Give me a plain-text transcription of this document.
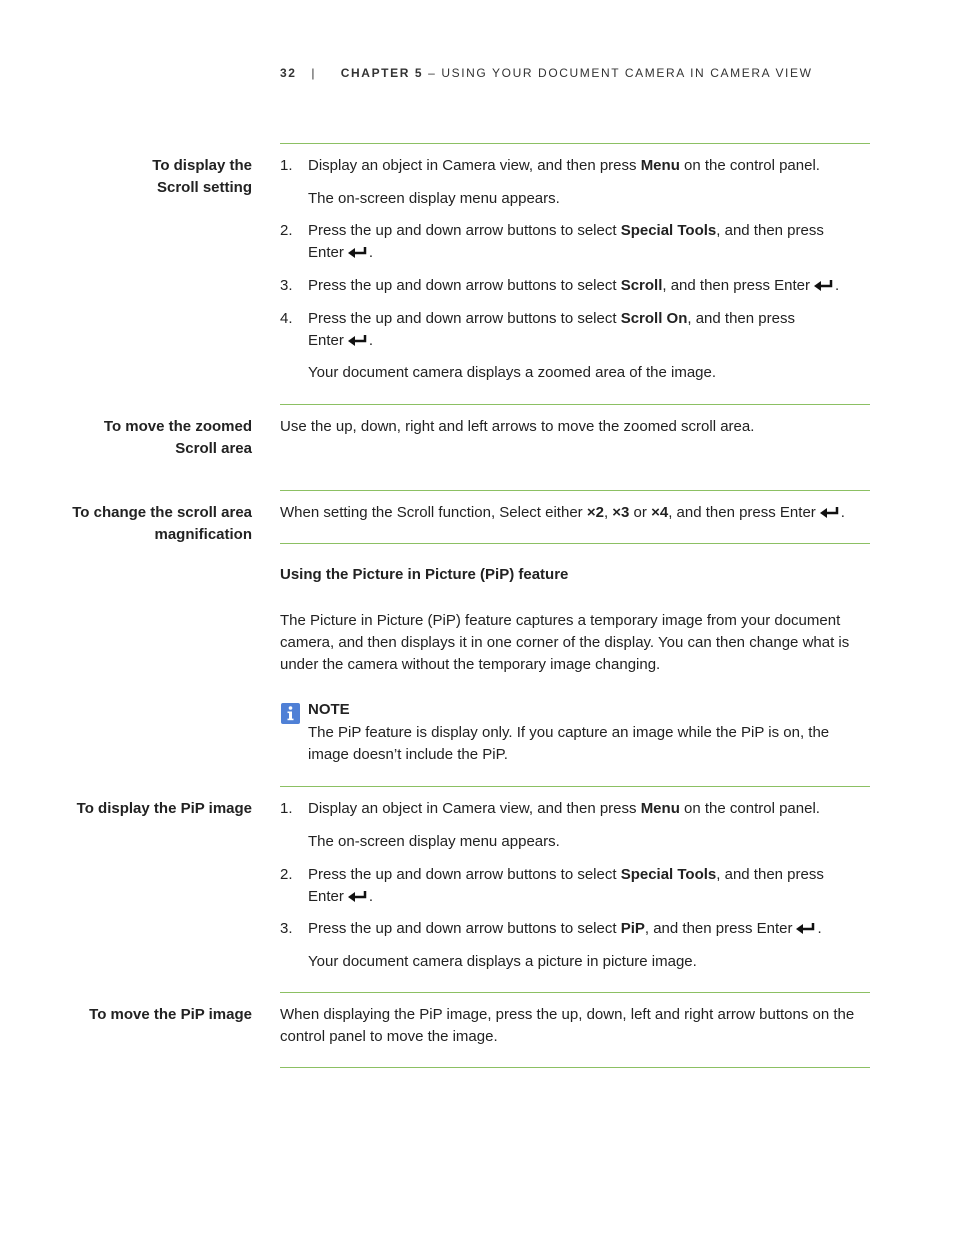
32 | CHAPTER 5 – USING YOUR DOCUMENT CAMERA IN CAMERA VIEW
To display the
Scroll setting

1. Display an object in Camera view, and then press Menu on the control panel.

The on-screen display menu appears.

2. Press the up and down arrow buttons to select Special Tools, and then press
Enter .

3. Press the up and down arrow buttons to select Scroll, and then press Enter .

4. Press the up and down arrow buttons to select Scroll On, and then press
Enter .

Your document camera displays a zoomed area of the image.

To move the zoomed
Scroll area

Use the up, down, right and left arrows to move the zoomed scroll area.

To change the scroll area
magnification

When setting the Scroll function, Select either ×2, ×3 or ×4, and then press Enter .

Using the Picture in Picture (PiP) feature

The Picture in Picture (PiP) feature captures a temporary image from your document camera, and then displays it in one corner of the display. You can then change what is under the camera without the temporary image changing.

NOTE
The PiP feature is display only. If you capture an image while the PiP is on, the image doesn’t include the PiP.
To display the PiP image 1. Display an object in Camera view, and then press Menu on the control panel.

The on-screen display menu appears.

2. Press the up and down arrow buttons to select Special Tools, and then press
Enter .

3. Press the up and down arrow buttons to select PiP, and then press Enter .

Your document camera displays a picture in picture image.

To move the PiP image When displaying the PiP image, press the up, down, left and right arrow buttons on the control panel to move the image.
